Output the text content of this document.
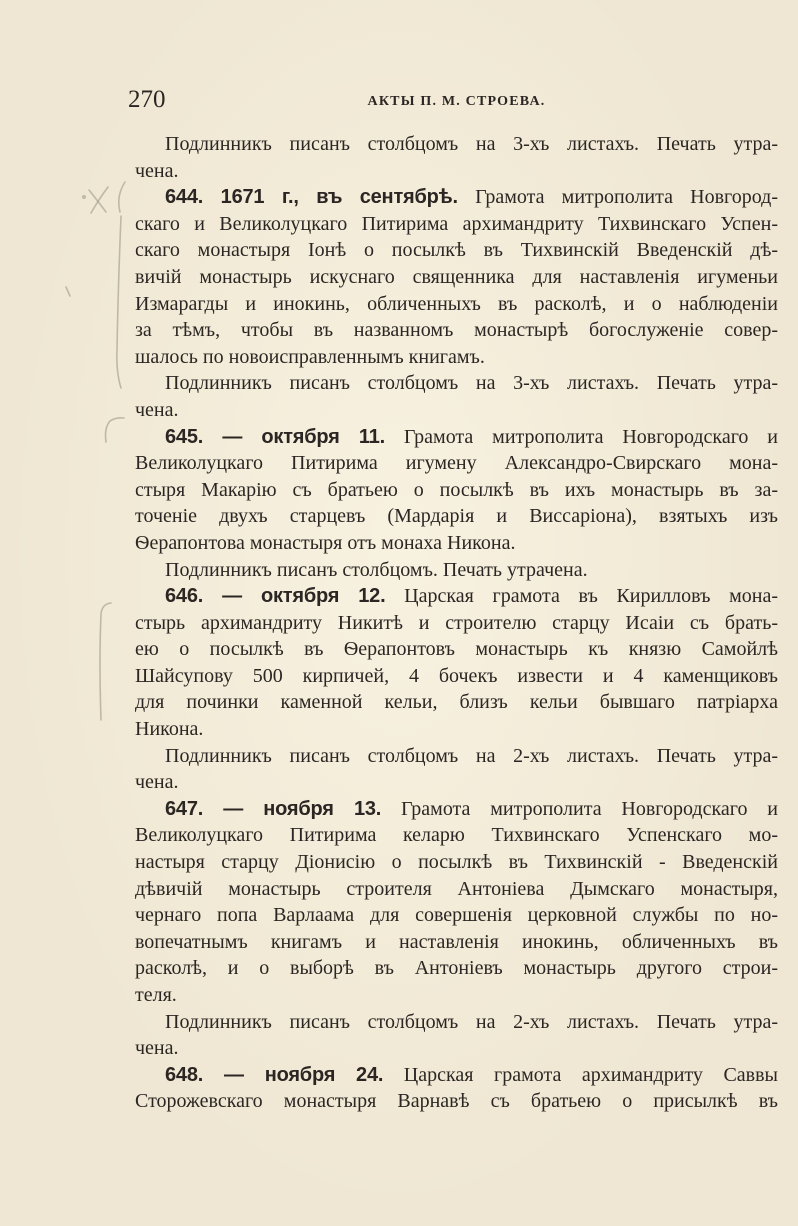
270	АКТЫ П. М. СТРОЕВА.
Подлинникъ писанъ столбцомъ на 3-хъ листахъ. Печать утра-
чена.
644. 1671 г., въ сентябрѣ. Грамота митрополита Новгород-
скаго и Великолуцкаго Питирима архимандриту Тихвинскаго Успен-
скаго монастыря Іонѣ о посылкѣ въ Тихвинскій Введенскій дѣ-
вичій монастырь искуснаго священника для наставленія игуменьи
Измарагды и инокинь, обличенныхъ въ расколѣ, и о наблюденіи
за тѣмъ, чтобы въ названномъ монастырѣ богослуженіе совер-
шалось по новоисправленнымъ книгамъ.
Подлинникъ писанъ столбцомъ на 3-хъ листахъ. Печать утра-
чена.
645. — октября 11. Грамота митрополита Новгородскаго и
Великолуцкаго Питирима игумену Александро-Свирскаго мона-
стыря Макарію съ братьею о посылкѣ въ ихъ монастырь въ за-
точеніе двухъ старцевъ (Мардарія и Виссаріона), взятыхъ изъ
Ѳерапонтова монастыря отъ монаха Никона.
Подлинникъ писанъ столбцомъ. Печать утрачена.
646. — октября 12. Царская грамота въ Кирилловъ мона-
стырь архимандриту Никитѣ и строителю старцу Исаіи съ брать-
ею о посылкѣ въ Ѳерапонтовъ монастырь къ князю Самойлѣ
Шайсупову 500 кирпичей, 4 бочекъ извести и 4 каменщиковъ
для починки каменной кельи, близъ кельи бывшаго патріарха
Никона.
Подлинникъ писанъ столбцомъ на 2-хъ листахъ. Печать утра-
чена.
647. — ноября 13. Грамота митрополита Новгородскаго и
Великолуцкаго Питирима келарю Тихвинскаго Успенскаго мо-
настыря старцу Діонисію о посылкѣ въ Тихвинскій - Введенскій
дѣвичій монастырь строителя Антоніева Дымскаго монастыря,
чернаго попа Варлаама для совершенія церковной службы по но-
вопечатнымъ книгамъ и наставленія инокинь, обличенныхъ въ
расколѣ, и о выборѣ въ Антоніевъ монастырь другого строи-
теля.
Подлинникъ писанъ столбцомъ на 2-хъ листахъ. Печать утра-
чена.
648. — ноября 24. Царская грамота архимандриту Саввы
Сторожевскаго монастыря Варнавѣ съ братьею о присылкѣ въ
